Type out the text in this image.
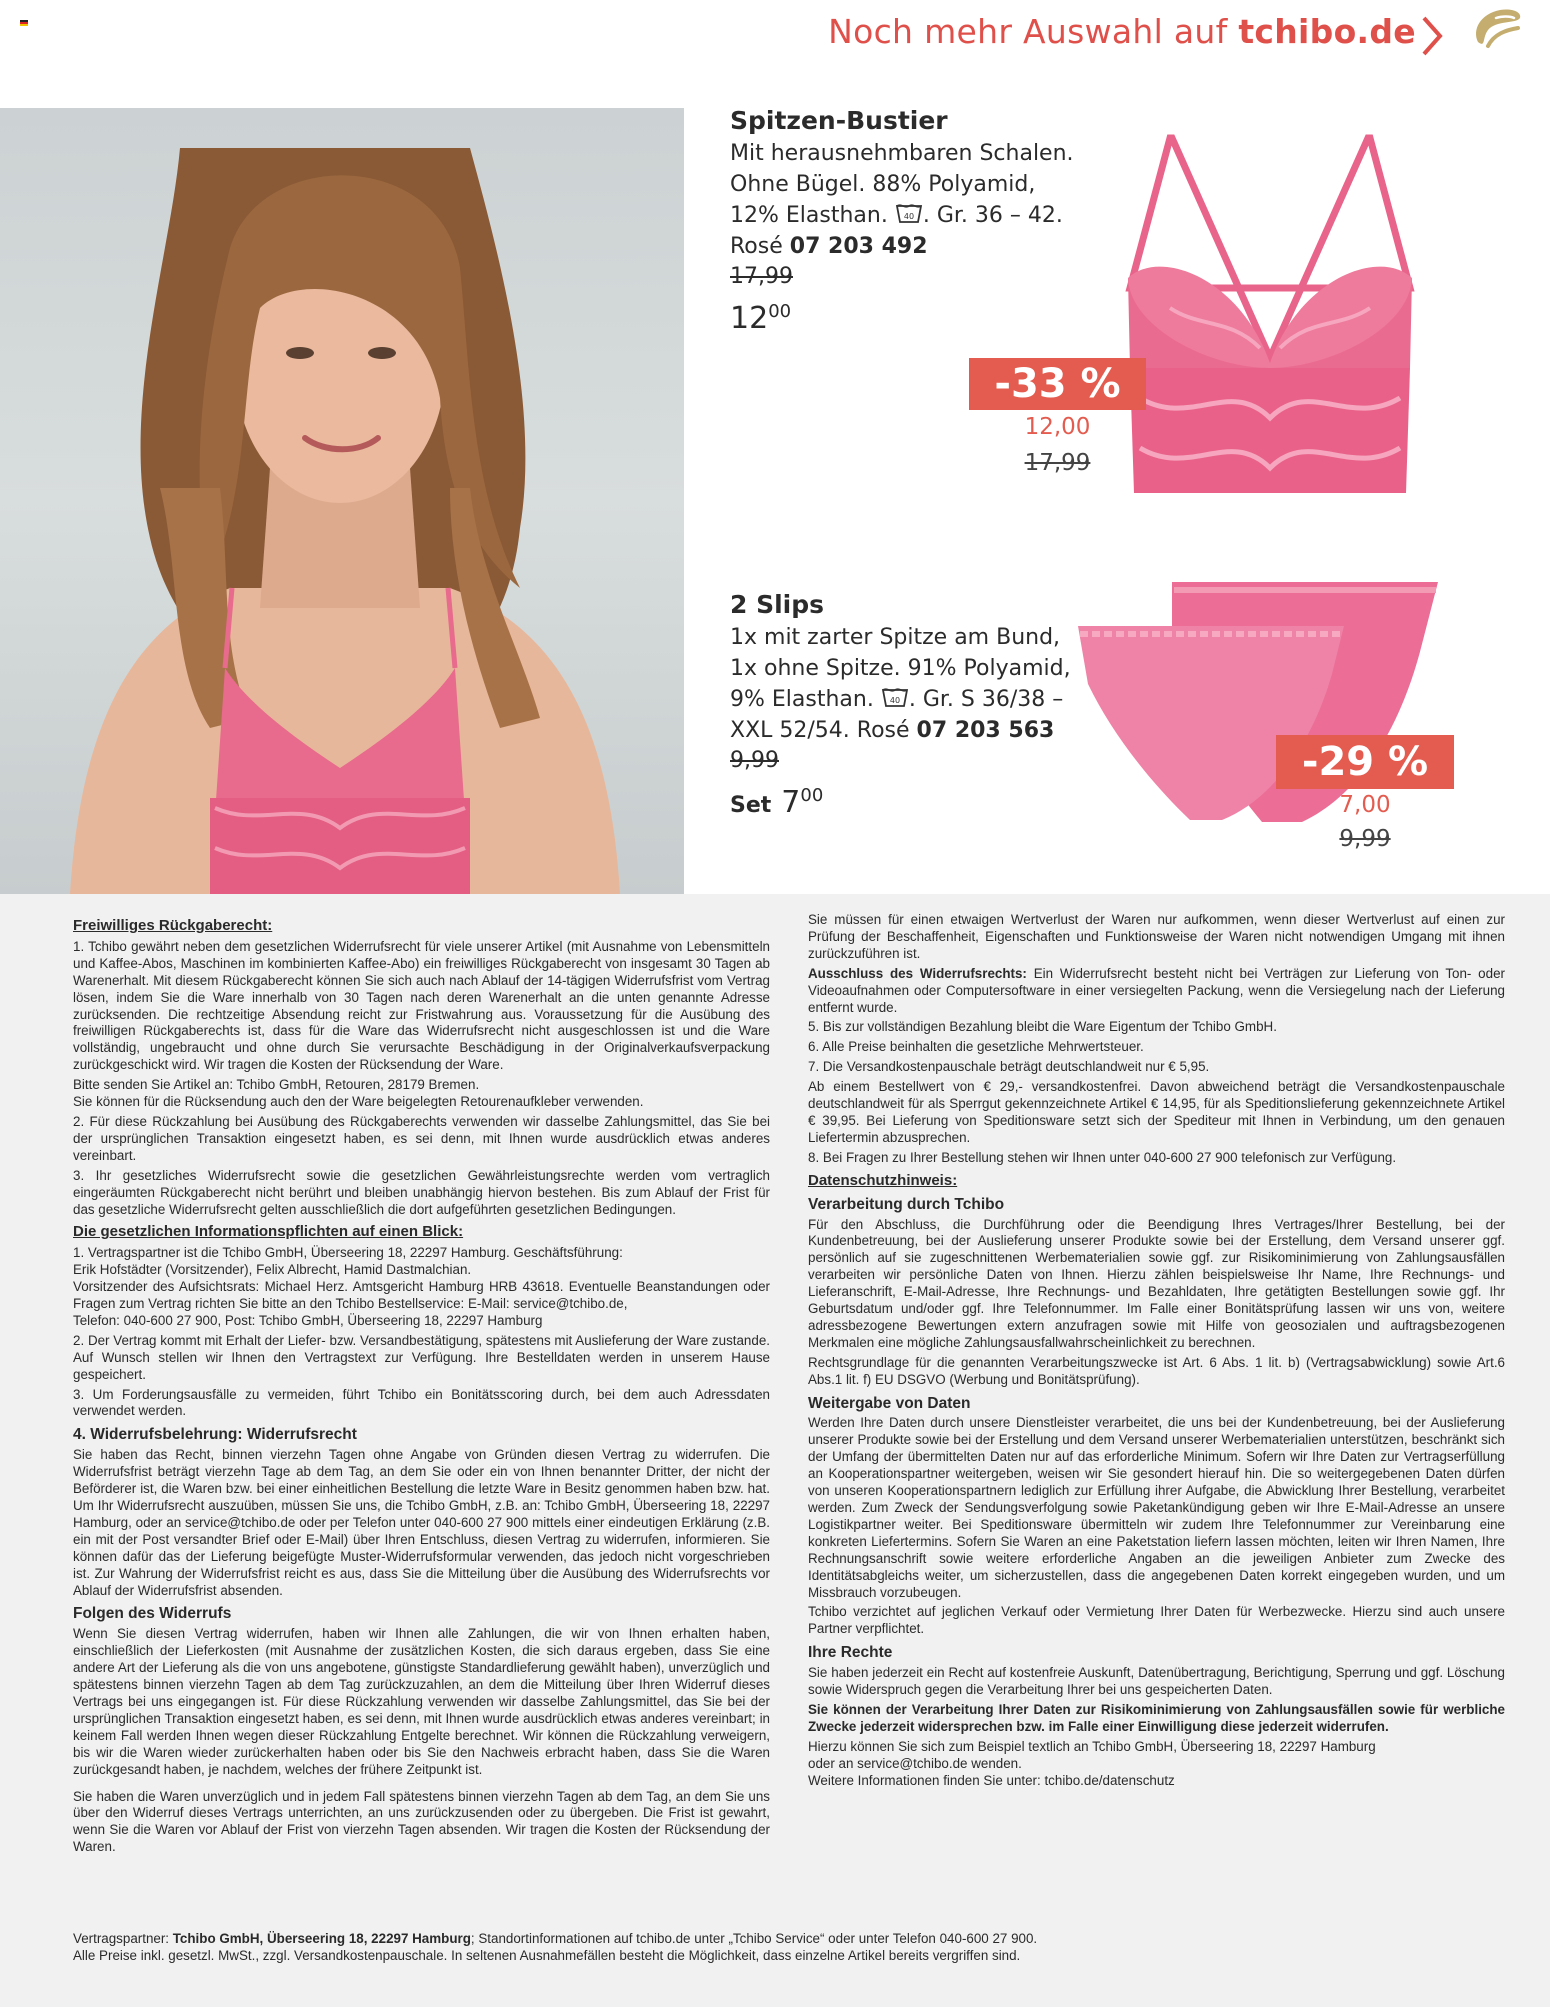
Noch mehr Auswahl auf tchibo.de
Spitzen-Bustier
Mit herausnehmbaren Schalen.
Ohne Bügel. 88% Polyamid,
12% Elasthan. 40 . Gr. 36 – 42.
Rosé 07 203 492
17,99
$12^{00}$
-33 %
12,00
17,99
2 Slips
1x mit zarter Spitze am Bund,
1x ohne Spitze. 91% Polyamid,
9% Elasthan. 40 . Gr. S 36/38 –
XXL 52/54. Rosé 07 203 563
9,99
Set $7^{00}$
-29 %
7,00
9,99
Freiwilliges Rückgaberecht:

1. Tchibo gewährt neben dem gesetzlichen Widerrufsrecht für viele unserer Artikel (mit Ausnahme von Lebensmitteln und Kaffee-Abos, Maschinen im kombinierten Kaffee-Abo) ein freiwilliges Rückgaberecht von insgesamt 30 Tagen ab Warenerhalt. Mit diesem Rückgaberecht können Sie sich auch nach Ablauf der 14-tägigen Widerrufsfrist vom Vertrag lösen, indem Sie die Ware innerhalb von 30 Tagen nach deren Warenerhalt an die unten genannte Adresse zurücksenden. Die rechtzeitige Absendung reicht zur Fristwahrung aus. Voraussetzung für die Ausübung des freiwilligen Rückgaberechts ist, dass für die Ware das Widerrufsrecht nicht ausgeschlossen ist und die Ware vollständig, ungebraucht und ohne durch Sie verursachte Beschädigung in der Originalverkaufsverpackung zurückgeschickt wird. Wir tragen die Kosten der Rücksendung der Ware.

Bitte senden Sie Artikel an: Tchibo GmbH, Retouren, 28179 Bremen.

Sie können für die Rücksendung auch den der Ware beigelegten Retourenaufkleber verwenden.

2. Für diese Rückzahlung bei Ausübung des Rückgaberechts verwenden wir dasselbe Zahlungsmittel, das Sie bei der ursprünglichen Transaktion eingesetzt haben, es sei denn, mit Ihnen wurde ausdrücklich etwas anderes vereinbart.

3. Ihr gesetzliches Widerrufsrecht sowie die gesetzlichen Gewährleistungsrechte werden vom vertraglich eingeräumten Rückgaberecht nicht berührt und bleiben unabhängig hiervon bestehen. Bis zum Ablauf der Frist für das gesetzliche Widerrufsrecht gelten ausschließlich die dort aufgeführten gesetzlichen Bedingungen.

Die gesetzlichen Informationspflichten auf einen Blick:

1. Vertragspartner ist die Tchibo GmbH, Überseering 18, 22297 Hamburg. Geschäftsführung:

Erik Hofstädter (Vorsitzender), Felix Albrecht, Hamid Dastmalchian.

Vorsitzender des Aufsichtsrats: Michael Herz. Amtsgericht Hamburg HRB 43618. Eventuelle Beanstandungen oder Fragen zum Vertrag richten Sie bitte an den Tchibo Bestellservice: E-Mail: service@tchibo.de,

Telefon: 040-600 27 900, Post: Tchibo GmbH, Überseering 18, 22297 Hamburg

2. Der Vertrag kommt mit Erhalt der Liefer- bzw. Versandbestätigung, spätestens mit Auslieferung der Ware zustande. Auf Wunsch stellen wir Ihnen den Vertragstext zur Verfügung. Ihre Bestelldaten werden in unserem Hause gespeichert.

3. Um Forderungsausfälle zu vermeiden, führt Tchibo ein Bonitätsscoring durch, bei dem auch Adressdaten verwendet werden.

4. Widerrufsbelehrung: Widerrufsrecht

Sie haben das Recht, binnen vierzehn Tagen ohne Angabe von Gründen diesen Vertrag zu widerrufen. Die Widerrufsfrist beträgt vierzehn Tage ab dem Tag, an dem Sie oder ein von Ihnen benannter Dritter, der nicht der Beförderer ist, die Waren bzw. bei einer einheitlichen Bestellung die letzte Ware in Besitz genommen haben bzw. hat. Um Ihr Widerrufsrecht auszuüben, müssen Sie uns, die Tchibo GmbH, z.B. an: Tchibo GmbH, Überseering 18, 22297 Hamburg, oder an service@tchibo.de oder per Telefon unter 040-600 27 900 mittels einer eindeutigen Erklärung (z.B. ein mit der Post versandter Brief oder E-Mail) über Ihren Entschluss, diesen Vertrag zu widerrufen, informieren. Sie können dafür das der Lieferung beigefügte Muster-Widerrufsformular verwenden, das jedoch nicht vorgeschrieben ist. Zur Wahrung der Widerrufsfrist reicht es aus, dass Sie die Mitteilung über die Ausübung des Widerrufsrechts vor Ablauf der Widerrufsfrist absenden.

Folgen des Widerrufs

Wenn Sie diesen Vertrag widerrufen, haben wir Ihnen alle Zahlungen, die wir von Ihnen erhalten haben, einschließlich der Lieferkosten (mit Ausnahme der zusätzlichen Kosten, die sich daraus ergeben, dass Sie eine andere Art der Lieferung als die von uns angebotene, günstigste Standardlieferung gewählt haben), unverzüglich und spätestens binnen vierzehn Tagen ab dem Tag zurückzuzahlen, an dem die Mitteilung über Ihren Widerruf dieses Vertrags bei uns eingegangen ist. Für diese Rückzahlung verwenden wir dasselbe Zahlungsmittel, das Sie bei der ursprünglichen Transaktion eingesetzt haben, es sei denn, mit Ihnen wurde ausdrücklich etwas anderes vereinbart; in keinem Fall werden Ihnen wegen dieser Rückzahlung Entgelte berechnet. Wir können die Rückzahlung verweigern, bis wir die Waren wieder zurückerhalten haben oder bis Sie den Nachweis erbracht haben, dass Sie die Waren zurückgesandt haben, je nachdem, welches der frühere Zeitpunkt ist.

Sie haben die Waren unverzüglich und in jedem Fall spätestens binnen vierzehn Tagen ab dem Tag, an dem Sie uns über den Widerruf dieses Vertrags unterrichten, an uns zurückzusenden oder zu übergeben. Die Frist ist gewahrt, wenn Sie die Waren vor Ablauf der Frist von vierzehn Tagen absenden. Wir tragen die Kosten der Rücksendung der Waren.

Sie müssen für einen etwaigen Wertverlust der Waren nur aufkommen, wenn dieser Wertverlust auf einen zur Prüfung der Beschaffenheit, Eigenschaften und Funktionsweise der Waren nicht notwendigen Umgang mit ihnen zurückzuführen ist.

Ausschluss des Widerrufsrechts: Ein Widerrufsrecht besteht nicht bei Verträgen zur Lieferung von Ton- oder Videoaufnahmen oder Computersoftware in einer versiegelten Packung, wenn die Versiegelung nach der Lieferung entfernt wurde.

5. Bis zur vollständigen Bezahlung bleibt die Ware Eigentum der Tchibo GmbH.

6. Alle Preise beinhalten die gesetzliche Mehrwertsteuer.

7. Die Versandkostenpauschale beträgt deutschlandweit nur € 5,95.

Ab einem Bestellwert von € 29,- versandkostenfrei. Davon abweichend beträgt die Versandkostenpauschale deutschlandweit für als Sperrgut gekennzeichnete Artikel € 14,95, für als Speditionslieferung gekennzeichnete Artikel € 39,95. Bei Lieferung von Speditionsware setzt sich der Spediteur mit Ihnen in Verbindung, um den genauen Liefertermin abzusprechen.

8. Bei Fragen zu Ihrer Bestellung stehen wir Ihnen unter 040-600 27 900 telefonisch zur Verfügung.

Datenschutzhinweis:
Verarbeitung durch Tchibo

Für den Abschluss, die Durchführung oder die Beendigung Ihres Vertrages/Ihrer Bestellung, bei der Kundenbetreuung, bei der Auslieferung unserer Produkte sowie bei der Erstellung, dem Versand unserer ggf. persönlich auf sie zugeschnittenen Werbematerialien sowie ggf. zur Risikominimierung von Zahlungsausfällen verarbeiten wir persönliche Daten von Ihnen. Hierzu zählen beispielsweise Ihr Name, Ihre Rechnungs- und Lieferanschrift, E-Mail-Adresse, Ihre Rechnungs- und Bezahldaten, Ihre getätigten Bestellungen sowie ggf. Ihr Geburtsdatum und/oder ggf. Ihre Telefonnummer. Im Falle einer Bonitätsprüfung lassen wir uns von, weitere adressbezogene Bewertungen extern anzufragen sowie mit Hilfe von geosozialen und auftragsbezogenen Merkmalen eine mögliche Zahlungsausfallwahrscheinlichkeit zu berechnen.

Rechtsgrundlage für die genannten Verarbeitungszwecke ist Art. 6 Abs. 1 lit. b) (Vertragsabwicklung) sowie Art.6 Abs.1 lit. f) EU DSGVO (Werbung und Bonitätsprüfung).

Weitergabe von Daten

Werden Ihre Daten durch unsere Dienstleister verarbeitet, die uns bei der Kundenbetreuung, bei der Auslieferung unserer Produkte sowie bei der Erstellung und dem Versand unserer Werbematerialien unterstützen, beschränkt sich der Umfang der übermittelten Daten nur auf das erforderliche Minimum. Sofern wir Ihre Daten zur Vertragserfüllung an Kooperationspartner weitergeben, weisen wir Sie gesondert hierauf hin. Die so weitergegebenen Daten dürfen von unseren Kooperationspartnern lediglich zur Erfüllung ihrer Aufgabe, die Abwicklung Ihrer Bestellung, verarbeitet werden. Zum Zweck der Sendungsverfolgung sowie Paketankündigung geben wir Ihre E-Mail-Adresse an unsere Logistikpartner weiter. Bei Speditionsware übermitteln wir zudem Ihre Telefonnummer zur Vereinbarung eine konkreten Liefertermins. Sofern Sie Waren an eine Paketstation liefern lassen möchten, leiten wir Ihren Namen, Ihre Rechnungsanschrift sowie weitere erforderliche Angaben an die jeweiligen Anbieter zum Zwecke des Identitätsabgleichs weiter, um sicherzustellen, dass die angegebenen Daten korrekt eingegeben wurden, und um Missbrauch vorzubeugen.

Tchibo verzichtet auf jeglichen Verkauf oder Vermietung Ihrer Daten für Werbezwecke. Hierzu sind auch unsere Partner verpflichtet.

Ihre Rechte

Sie haben jederzeit ein Recht auf kostenfreie Auskunft, Datenübertragung, Berichtigung, Sperrung und ggf. Löschung sowie Widerspruch gegen die Verarbeitung Ihrer bei uns gespeicherten Daten.

Sie können der Verarbeitung Ihrer Daten zur Risikominimierung von Zahlungsausfällen sowie für werbliche Zwecke jederzeit widersprechen bzw. im Falle einer Einwilligung diese jederzeit widerrufen.

Hierzu können Sie sich zum Beispiel textlich an Tchibo GmbH, Überseering 18, 22297 Hamburg

oder an service@tchibo.de wenden.

Weitere Informationen finden Sie unter: tchibo.de/datenschutz

Vertragspartner: Tchibo GmbH, Überseering 18, 22297 Hamburg; Standortinformationen auf tchibo.de unter „Tchibo Service“ oder unter Telefon 040-600 27 900.
Alle Preise inkl. gesetzl. MwSt., zzgl. Versandkostenpauschale. In seltenen Ausnahmefällen besteht die Möglichkeit, dass einzelne Artikel bereits vergriffen sind.
